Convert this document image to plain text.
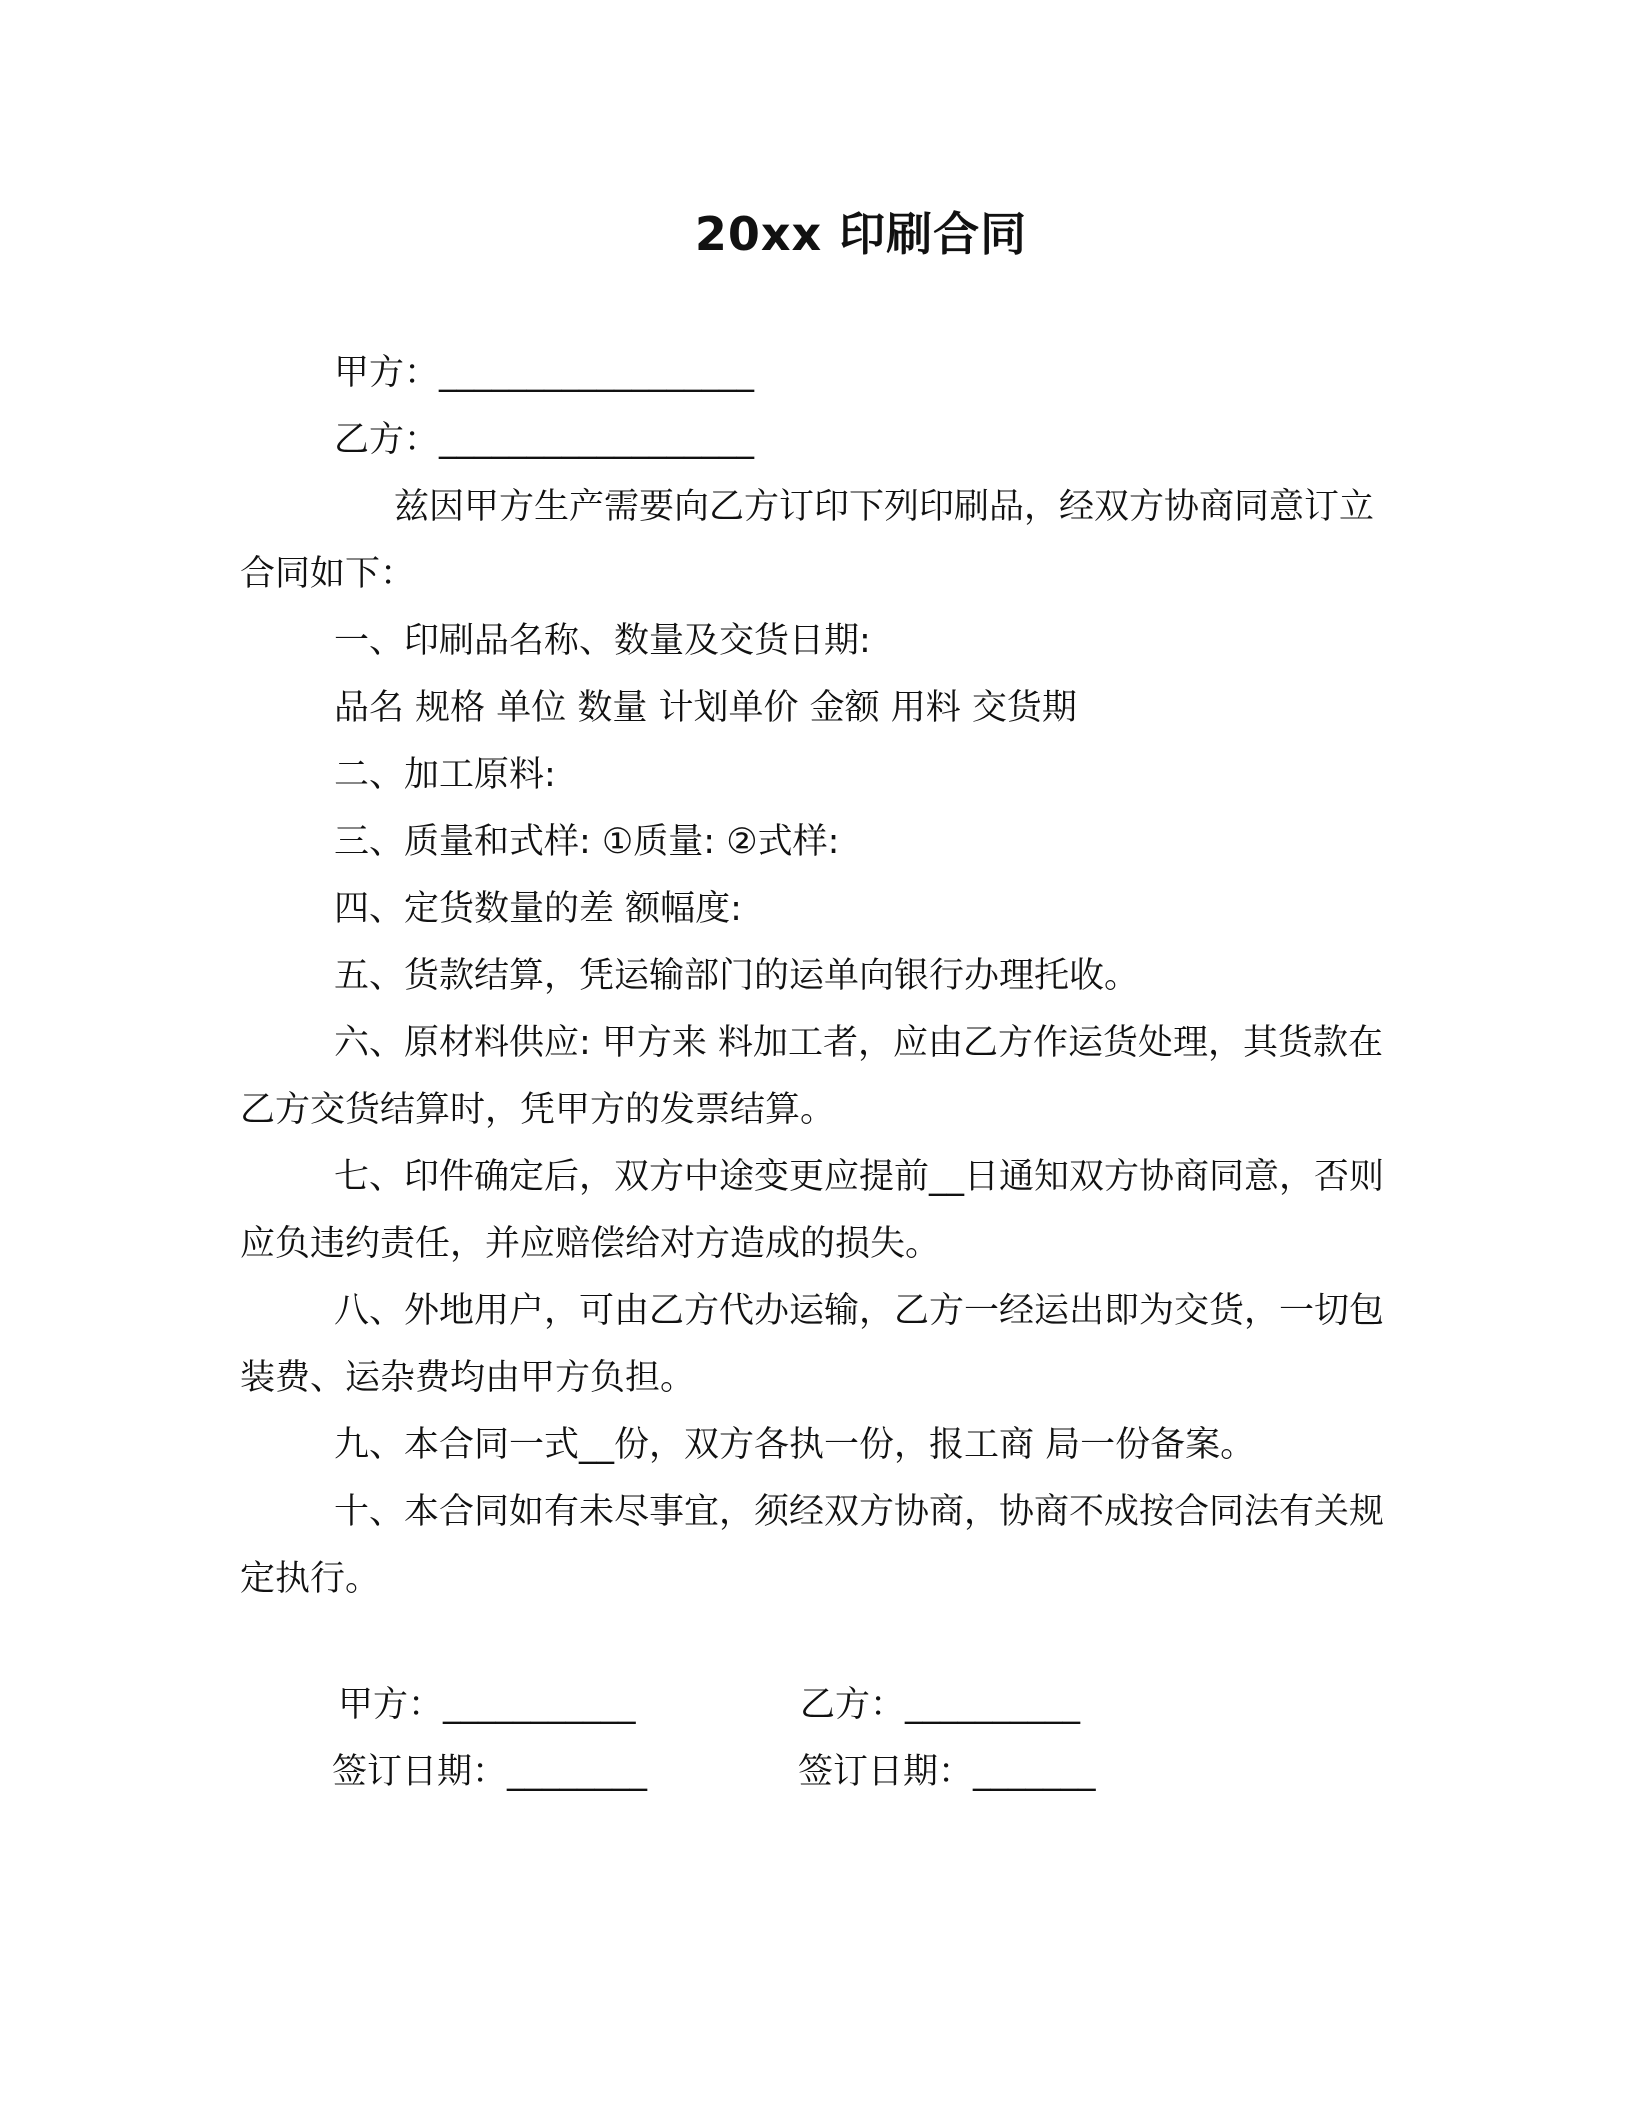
20xx 印刷合同
甲方：__________________
乙方：__________________
兹因甲方生产需要向乙方订印下列印刷品，经双方协商同意订立合同如下：
一、印刷品名称、数量及交货日期:
品名 规格 单位 数量 计划单价 金额 用料 交货期
二、加工原料:
三、质量和式样: ①质量: ②式样:
四、定货数量的差 额幅度:
五、货款结算，凭运输部门的运单向银行办理托收。
六、原材料供应: 甲方来 料加工者，应由乙方作运货处理，其货款在乙方交货结算时，凭甲方的发票结算。
七、印件确定后，双方中途变更应提前__日通知双方协商同意，否则应负违约责任，并应赔偿给对方造成的损失。
八、外地用户，可由乙方代办运输，乙方一经运出即为交货，一切包装费、运杂费均由甲方负担。
九、本合同一式__份，双方各执一份，报工商 局一份备案。
十、本合同如有未尽事宜，须经双方协商，协商不成按合同法有关规定执行。
甲方：___________	乙方：__________
签订日期：________	签订日期：_______
